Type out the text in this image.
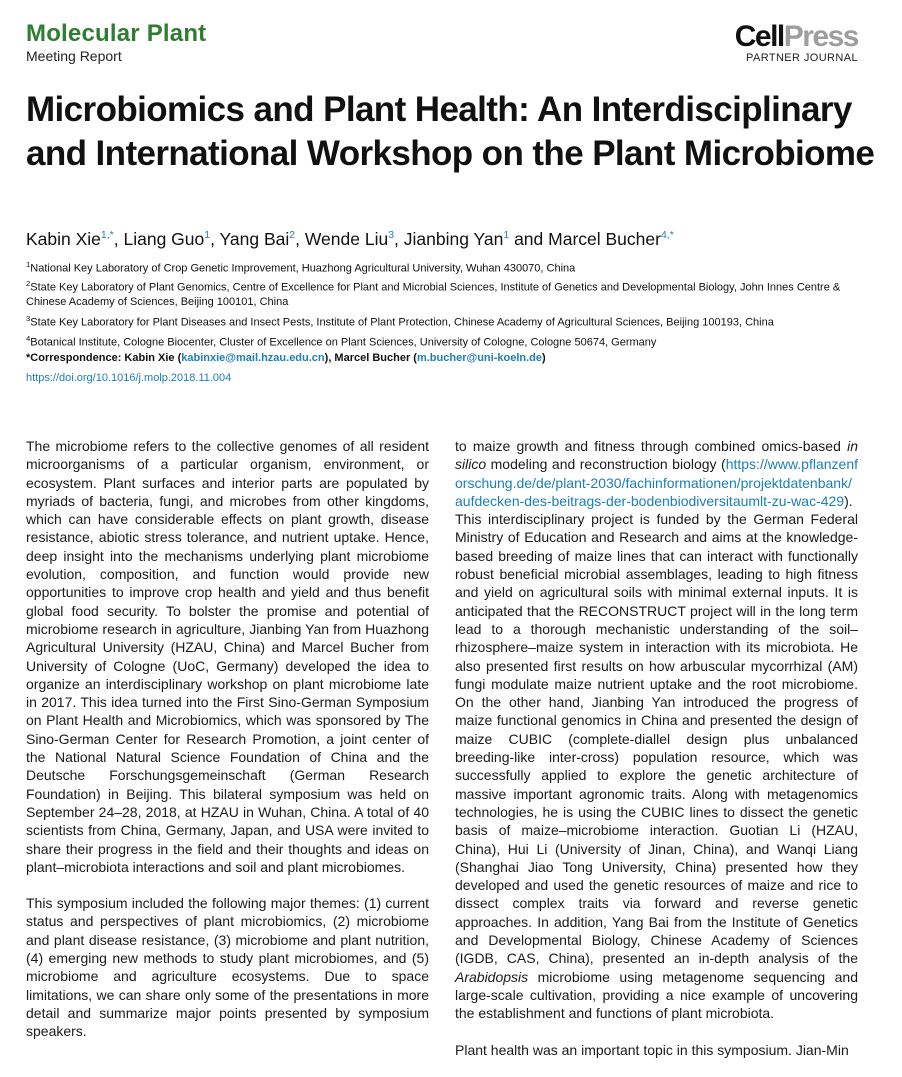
Molecular Plant
Meeting Report
CellPress
PARTNER JOURNAL
Microbiomics and Plant Health: An Interdisciplinary and International Workshop on the Plant Microbiome
Kabin Xie$^{1,*}$, Liang Guo$^1$, Yang Bai$^2$, Wende Liu$^3$, Jianbing Yan$^1$ and Marcel Bucher$^{4,*}$
$^1$National Key Laboratory of Crop Genetic Improvement, Huazhong Agricultural University, Wuhan 430070, China
$^2$State Key Laboratory of Plant Genomics, Centre of Excellence for Plant and Microbial Sciences, Institute of Genetics and Developmental Biology, John Innes Centre & Chinese Academy of Sciences, Beijing 100101, China
$^3$State Key Laboratory for Plant Diseases and Insect Pests, Institute of Plant Protection, Chinese Academy of Agricultural Sciences, Beijing 100193, China
$^4$Botanical Institute, Cologne Biocenter, Cluster of Excellence on Plant Sciences, University of Cologne, Cologne 50674, Germany
*Correspondence: Kabin Xie (kabinxie@mail.hzau.edu.cn), Marcel Bucher (m.bucher@uni-koeln.de)
https://doi.org/10.1016/j.molp.2018.11.004

The microbiome refers to the collective genomes of all resident microorganisms of a particular organism, environment, or ecosystem. Plant surfaces and interior parts are populated by myriads of bacteria, fungi, and microbes from other kingdoms, which can have considerable effects on plant growth, disease resistance, abiotic stress tolerance, and nutrient uptake. Hence, deep insight into the mechanisms underlying plant microbiome evolution, composition, and function would provide new opportunities to improve crop health and yield and thus benefit global food security. To bolster the promise and potential of microbiome research in agriculture, Jianbing Yan from Huazhong Agricultural University (HZAU, China) and Marcel Bucher from University of Cologne (UoC, Germany) developed the idea to organize an interdisciplinary workshop on plant microbiome late in 2017. This idea turned into the First Sino-German Symposium on Plant Health and Microbiomics, which was sponsored by The Sino-German Center for Research Promotion, a joint center of the National Natural Science Foundation of China and the Deutsche Forschungsgemeinschaft (German Research Foundation) in Beijing. This bilateral symposium was held on September 24–28, 2018, at HZAU in Wuhan, China. A total of 40 scientists from China, Germany, Japan, and USA were invited to share their progress in the field and their thoughts and ideas on plant–microbiota interactions and soil and plant microbiomes.

This symposium included the following major themes: (1) current status and perspectives of plant microbiomics, (2) microbiome and plant disease resistance, (3) microbiome and plant nutrition, (4) emerging new methods to study plant microbiomes, and (5) microbiome and agriculture ecosystems. Due to space limitations, we can share only some of the presentations in more detail and summarize major points presented by symposium speakers.

to maize growth and fitness through combined omics-based in silico modeling and reconstruction biology (https://www.pflanzenforschung.de/de/plant-2030/fachinformationen/projektdatenbank/aufdecken-des-beitrags-der-bodenbiodiversitaumlt-zu-wac-429). This interdisciplinary project is funded by the German Federal Ministry of Education and Research and aims at the knowledge-based breeding of maize lines that can interact with functionally robust beneficial microbial assemblages, leading to high fitness and yield on agricultural soils with minimal external inputs. It is anticipated that the RECONSTRUCT project will in the long term lead to a thorough mechanistic understanding of the soil–rhizosphere–maize system in interaction with its microbiota. He also presented first results on how arbuscular mycorrhizal (AM) fungi modulate maize nutrient uptake and the root microbiome. On the other hand, Jianbing Yan introduced the progress of maize functional genomics in China and presented the design of maize CUBIC (complete-diallel design plus unbalanced breeding-like inter-cross) population resource, which was successfully applied to explore the genetic architecture of massive important agronomic traits. Along with metagenomics technologies, he is using the CUBIC lines to dissect the genetic basis of maize–microbiome interaction. Guotian Li (HZAU, China), Hui Li (University of Jinan, China), and Wanqi Liang (Shanghai Jiao Tong University, China) presented how they developed and used the genetic resources of maize and rice to dissect complex traits via forward and reverse genetic approaches. In addition, Yang Bai from the Institute of Genetics and Developmental Biology, Chinese Academy of Sciences (IGDB, CAS, China), presented an in-depth analysis of the Arabidopsis microbiome using metagenome sequencing and large-scale cultivation, providing a nice example of uncovering the establishment and functions of plant microbiota.

Plant health was an important topic in this symposium. Jian-Min
